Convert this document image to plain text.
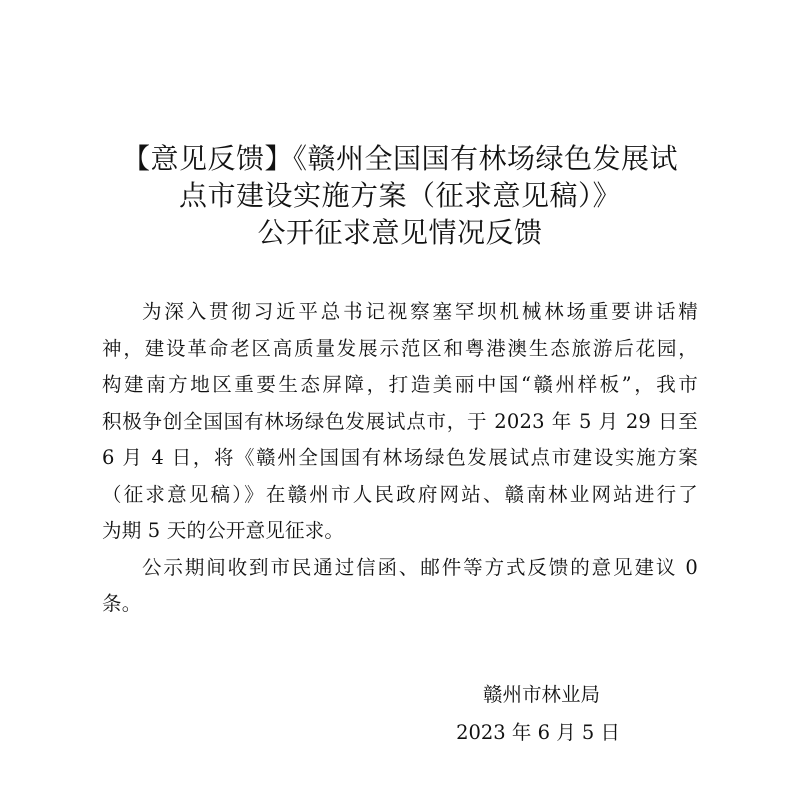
【意见反馈】《赣州全国国有林场绿色发展试
点市建设实施方案（征求意见稿）》
公开征求意见情况反馈
为深入贯彻习近平总书记视察塞罕坝机械林场重要讲话精
神，建设革命老区高质量发展示范区和粤港澳生态旅游后花园，
构建南方地区重要生态屏障，打造美丽中国“赣州样板”，我市
积极争创全国国有林场绿色发展试点市，于 2023 年 5 月 29 日至
6 月 4 日，将《赣州全国国有林场绿色发展试点市建设实施方案
（征求意见稿）》在赣州市人民政府网站、赣南林业网站进行了
为期 5 天的公开意见征求。
公示期间收到市民通过信函、邮件等方式反馈的意见建议 0
条。
赣州市林业局
2023 年 6 月 5 日
